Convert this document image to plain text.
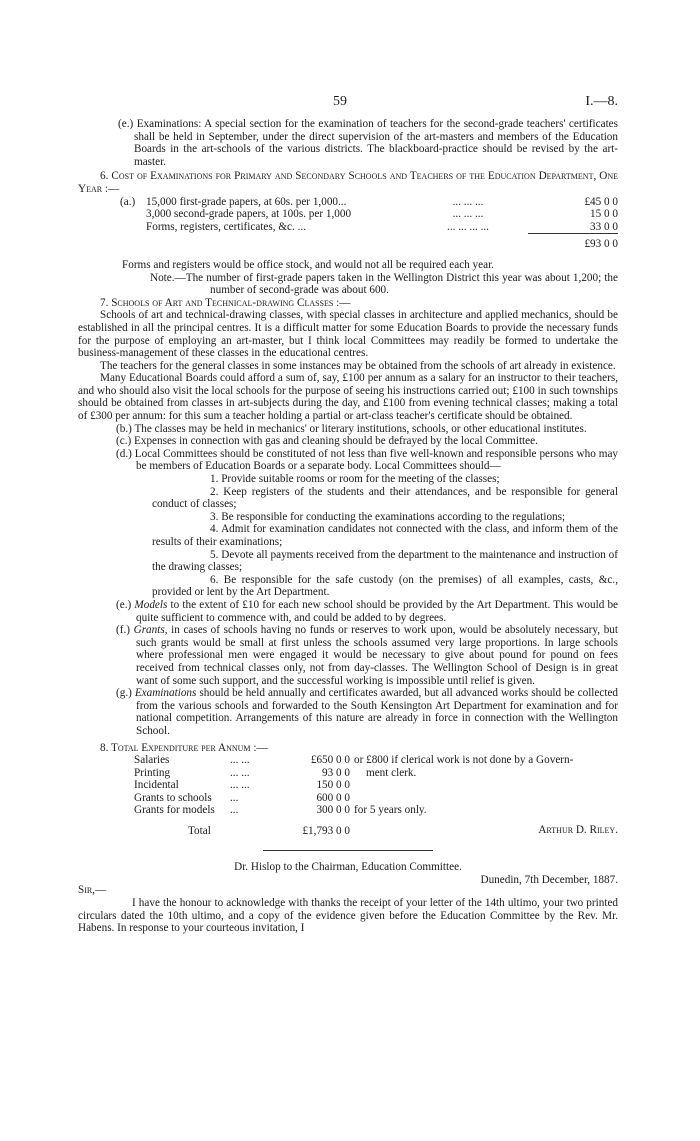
59	I.—8.

(e.) Examinations: A special section for the examination of teachers for the second-grade teachers' certificates shall be held in September, under the direct supervision of the art-masters and members of the Education Boards in the art-schools of the various districts. The blackboard-practice should be revised by the art-master.

6. Cost of Examinations for Primary and Secondary Schools and Teachers of the Education Department, One Year :—

(a.)	15,000 first-grade papers, at 60s. per 1,000...	... ... ...	£45 0 0
	3,000 second-grade papers, at 100s. per 1,000	... ... ...	15 0 0
	Forms, registers, certificates, &c. ...	... ... ... ...	33 0 0
			£93 0 0

Forms and registers would be office stock, and would not all be required each year.

Note.—The number of first-grade papers taken in the Wellington District this year was about 1,200; the number of second-grade was about 600.

7. Schools of Art and Technical-drawing Classes :—

Schools of art and technical-drawing classes, with special classes in architecture and applied mechanics, should be established in all the principal centres. It is a difficult matter for some Education Boards to provide the necessary funds for the purpose of employing an art-master, but I think local Committees may readily be formed to undertake the business-management of these classes in the educational centres.

The teachers for the general classes in some instances may be obtained from the schools of art already in existence.

Many Educational Boards could afford a sum of, say, £100 per annum as a salary for an instructor to their teachers, and who should also visit the local schools for the purpose of seeing his instructions carried out; £100 in such townships should be obtained from classes in art-subjects during the day, and £100 from evening technical classes; making a total of £300 per annum: for this sum a teacher holding a partial or art-class teacher's certificate should be obtained.

(b.) The classes may be held in mechanics' or literary institutions, schools, or other educational institutes.

(c.) Expenses in connection with gas and cleaning should be defrayed by the local Committee.

(d.) Local Committees should be constituted of not less than five well-known and responsible persons who may be members of Education Boards or a separate body. Local Committees should—

1. Provide suitable rooms or room for the meeting of the classes;

2. Keep registers of the students and their attendances, and be responsible for general conduct of classes;

3. Be responsible for conducting the examinations according to the regulations;

4. Admit for examination candidates not connected with the class, and inform them of the results of their examinations;

5. Devote all payments received from the department to the maintenance and instruction of the drawing classes;

6. Be responsible for the safe custody (on the premises) of all examples, casts, &c., provided or lent by the Art Department.

(e.) Models to the extent of £10 for each new school should be provided by the Art Department. This would be quite sufficient to commence with, and could be added to by degrees.

(f.) Grants, in cases of schools having no funds or reserves to work upon, would be absolutely necessary, but such grants would be small at first unless the schools assumed very large proportions. In large schools where professional men were engaged it would be necessary to give about pound for pound on fees received from technical classes only, not from day-classes. The Wellington School of Design is in great want of some such support, and the successful working is impossible until relief is given.

(g.) Examinations should be held annually and certificates awarded, but all advanced works should be collected from the various schools and forwarded to the South Kensington Art Department for examination and for national competition. Arrangements of this nature are already in force in connection with the Wellington School.

8. Total Expenditure per Annum :—

Salaries	... ...	£650 0 0	or £800 if clerical work is not done by a Govern-
Printing	... ...	93 0 0	ment clerk.
Incidental	... ...	150 0 0	
Grants to schools	...	600 0 0	
Grants for models	...	300 0 0	for 5 years only.
Total		£1,793 0 0		Arthur D. Riley.

Dr. Hislop to the Chairman, Education Committee.

Dunedin, 7th December, 1887.

Sir,—

I have the honour to acknowledge with thanks the receipt of your letter of the 14th ultimo, your two printed circulars dated the 10th ultimo, and a copy of the evidence given before the Education Committee by the Rev. Mr. Habens. In response to your courteous invitation, I
